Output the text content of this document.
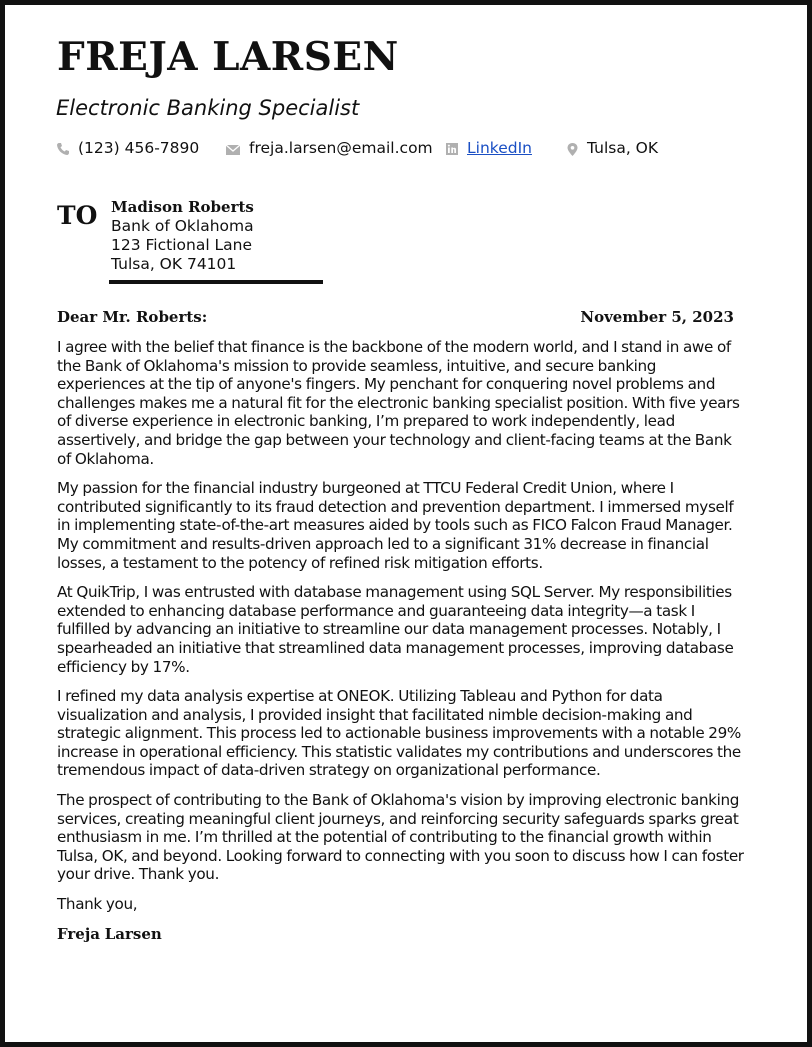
FREJA LARSEN
Electronic Banking Specialist
(123) 456-7890	freja.larsen@email.com LinkedIn	Tulsa, OK
TO Madison Roberts
Bank of Oklahoma
123 Fictional Lane
Tulsa, OK 74101
Dear Mr. Roberts:	November 5, 2023

I agree with the belief that finance is the backbone of the modern world, and I stand in awe of the Bank of Oklahoma's mission to provide seamless, intuitive, and secure banking experiences at the tip of anyone's fingers. My penchant for conquering novel problems and challenges makes me a natural fit for the electronic banking specialist position. With five years of diverse experience in electronic banking, I’m prepared to work independently, lead assertively, and bridge the gap between your technology and client-facing teams at the Bank of Oklahoma.

My passion for the financial industry burgeoned at TTCU Federal Credit Union, where I contributed significantly to its fraud detection and prevention department. I immersed myself in implementing state-of-the-art measures aided by tools such as FICO Falcon Fraud Manager. My commitment and results-driven approach led to a significant 31% decrease in financial losses, a testament to the potency of refined risk mitigation efforts.

At QuikTrip, I was entrusted with database management using SQL Server. My responsibilities extended to enhancing database performance and guaranteeing data integrity—a task I fulfilled by advancing an initiative to streamline our data management processes. Notably, I spearheaded an initiative that streamlined data management processes, improving database efficiency by 17%.

I refined my data analysis expertise at ONEOK. Utilizing Tableau and Python for data visualization and analysis, I provided insight that facilitated nimble decision-making and strategic alignment. This process led to actionable business improvements with a notable 29% increase in operational efficiency. This statistic validates my contributions and underscores the tremendous impact of data-driven strategy on organizational performance.

The prospect of contributing to the Bank of Oklahoma's vision by improving electronic banking services, creating meaningful client journeys, and reinforcing security safeguards sparks great enthusiasm in me. I’m thrilled at the potential of contributing to the financial growth within Tulsa, OK, and beyond. Looking forward to connecting with you soon to discuss how I can foster your drive. Thank you.

Thank you,

Freja Larsen
